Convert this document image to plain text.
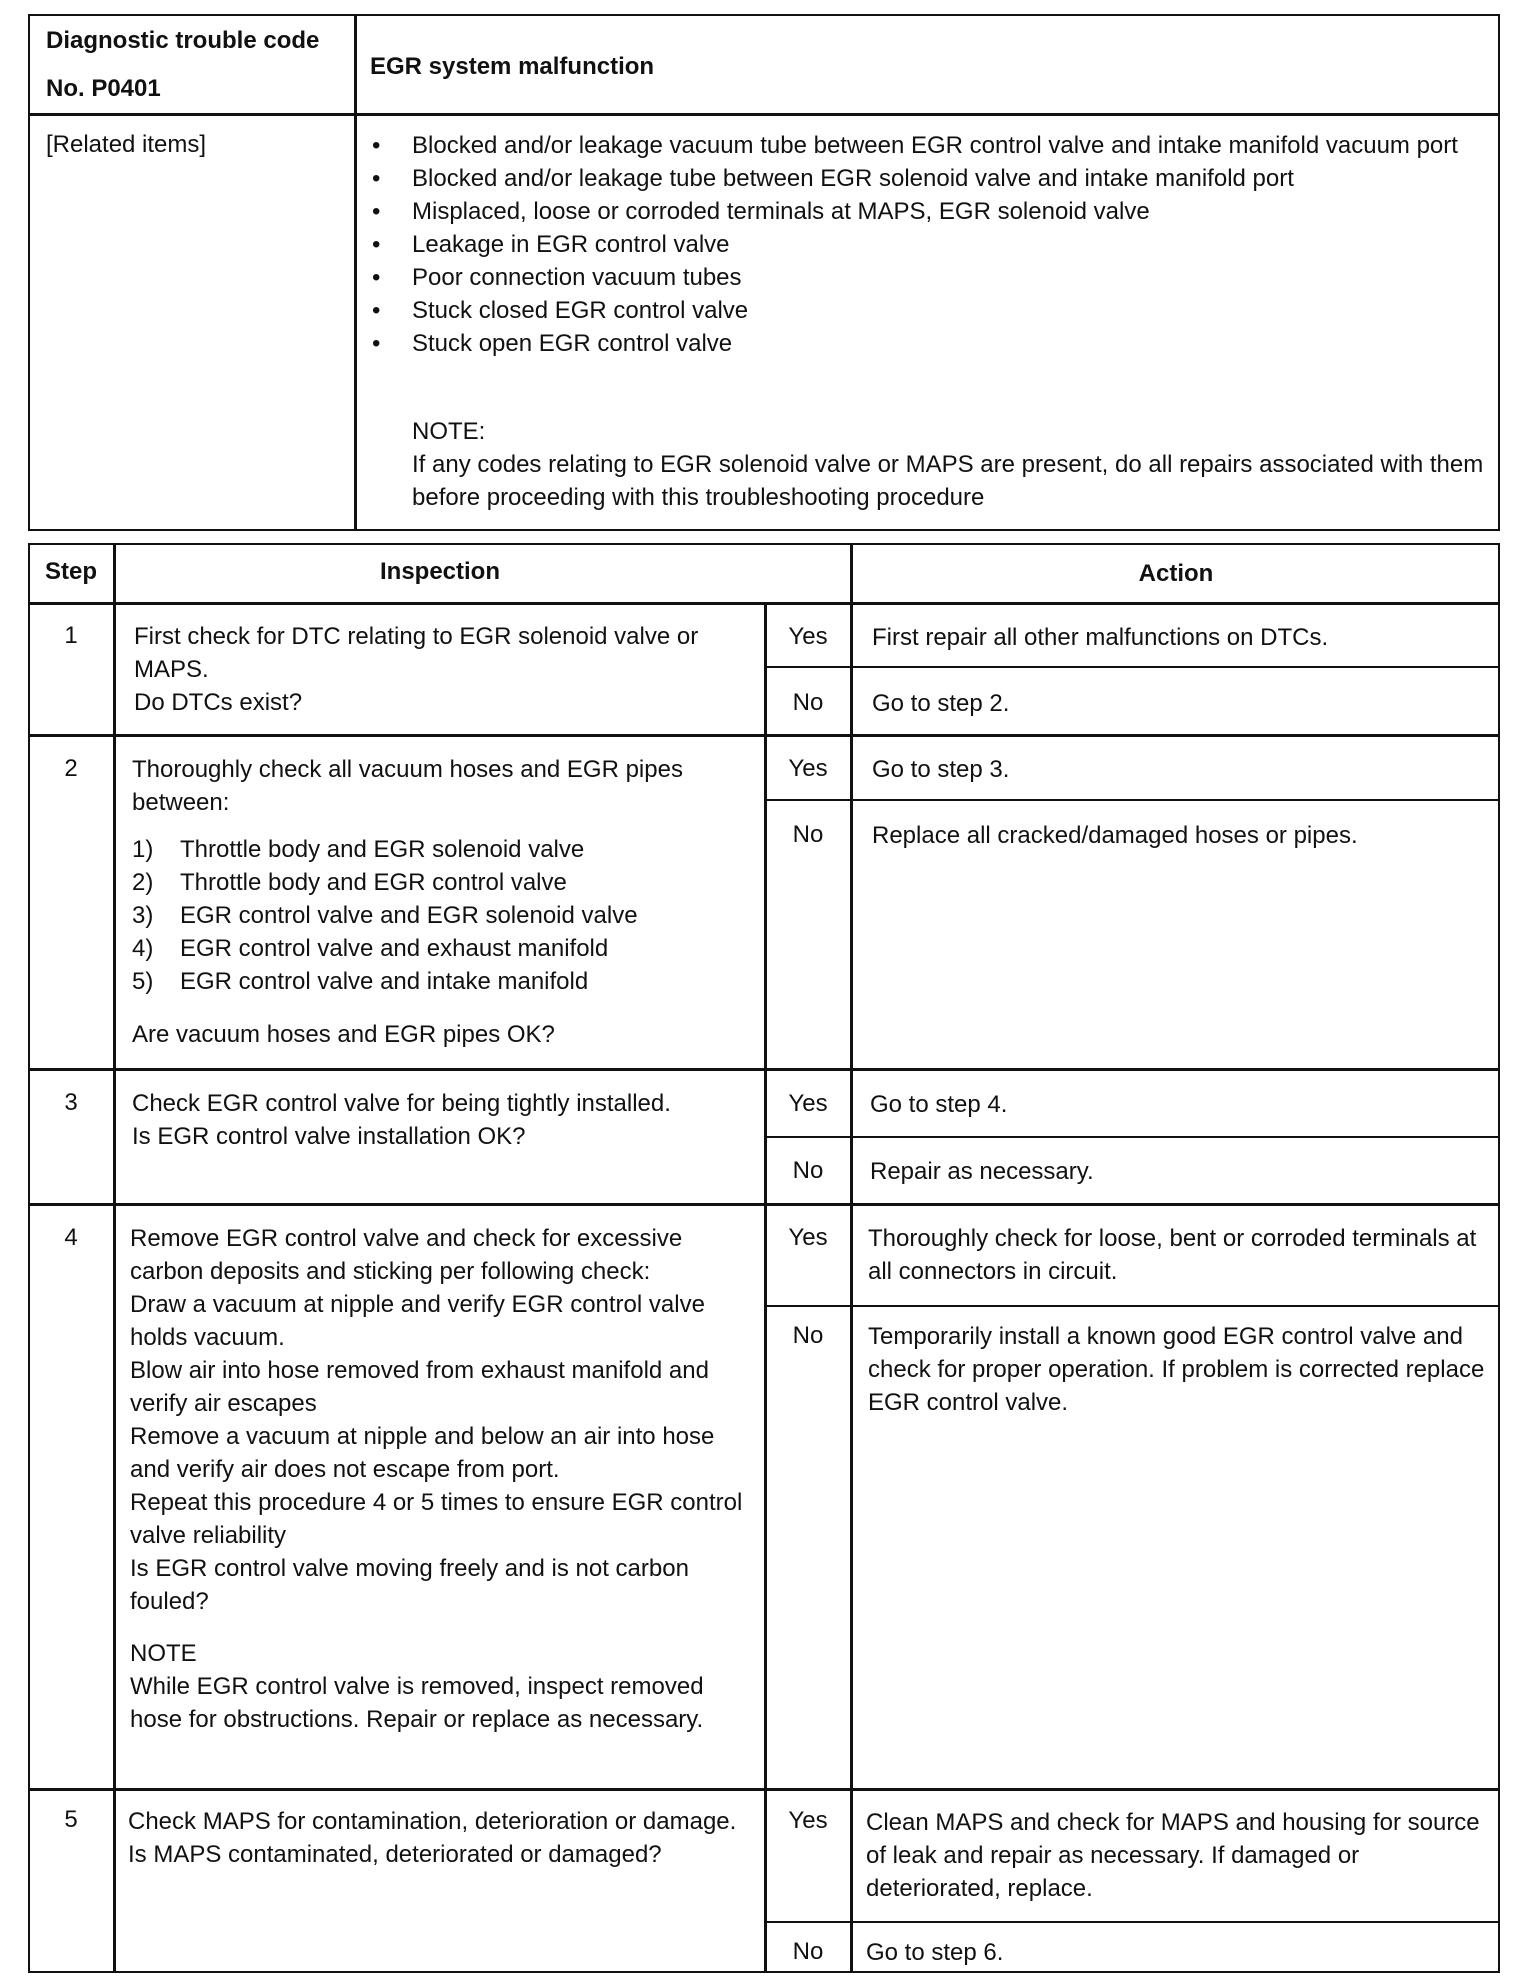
Diagnostic trouble code
No. P0401
EGR system malfunction
[Related items]
•	Blocked and/or leakage vacuum tube between EGR control valve and intake manifold vacuum port
• Blocked and/or leakage tube between EGR solenoid valve and intake manifold port
• Misplaced, loose or corroded terminals at MAPS, EGR solenoid valve
• Leakage in EGR control valve
• Poor connection vacuum tubes
• Stuck closed EGR control valve
• Stuck open EGR control valve
NOTE:
If any codes relating to EGR solenoid valve or MAPS are present, do all repairs associated with them before proceeding with this troubleshooting procedure
Step	Inspection	Action
1	First check for DTC relating to EGR solenoid valve or MAPS.
Do DTCs exist?
Yes	First repair all other malfunctions on DTCs.
No	Go to step 2.
2	Thoroughly check all vacuum hoses and EGR pipes between:
1) Throttle body and EGR solenoid valve
2) Throttle body and EGR control valve
3) EGR control valve and EGR solenoid valve
4) EGR control valve and exhaust manifold
5) EGR control valve and intake manifold
Are vacuum hoses and EGR pipes OK?
Yes	Go to step 3.
No	Replace all cracked/damaged hoses or pipes.
3	Check EGR control valve for being tightly installed.
Is EGR control valve installation OK?
Yes	Go to step 4.
No	Repair as necessary.
4	Remove EGR control valve and check for excessive carbon deposits and sticking per following check:
Draw a vacuum at nipple and verify EGR control valve holds vacuum.
Blow air into hose removed from exhaust manifold and verify air escapes
Remove a vacuum at nipple and below an air into hose and verify air does not escape from port.
Repeat this procedure 4 or 5 times to ensure EGR control valve reliability
Is EGR control valve moving freely and is not carbon fouled?
NOTE
While EGR control valve is removed, inspect removed hose for obstructions. Repair or replace as necessary.
Yes	Thoroughly check for loose, bent or corroded terminals at all connectors in circuit.
No	Temporarily install a known good EGR control valve and check for proper operation. If problem is corrected replace EGR control valve.
5	Check MAPS for contamination, deterioration or damage.
Is MAPS contaminated, deteriorated or damaged?
Yes	Clean MAPS and check for MAPS and housing for source of leak and repair as necessary. If damaged or deteriorated, replace.
No	Go to step 6.
